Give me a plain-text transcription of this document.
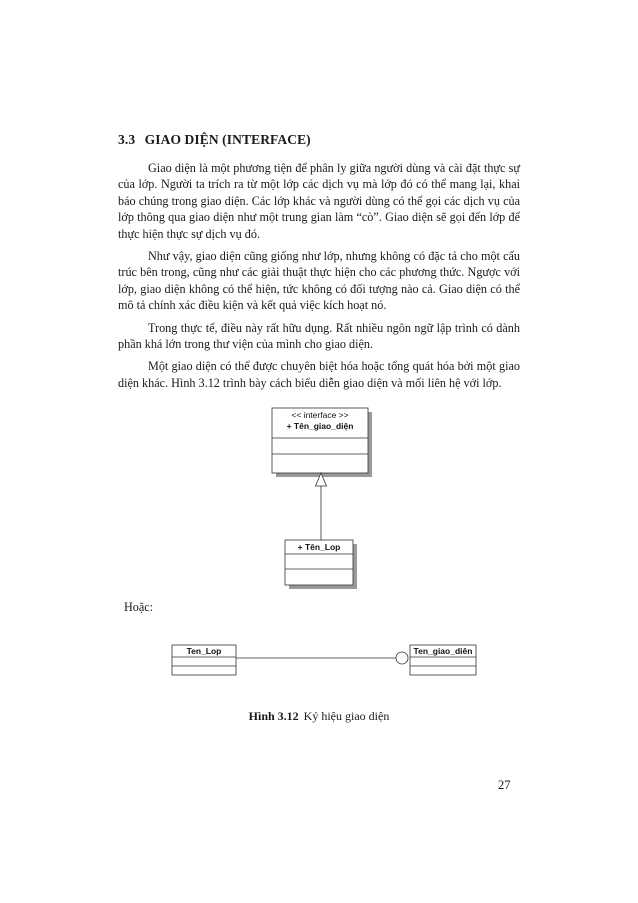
3.3 GIAO DIỆN (INTERFACE)

Giao diện là một phương tiện để phân ly giữa người dùng và cài đặt thực sự của lớp. Người ta trích ra từ một lớp các dịch vụ mà lớp đó có thể mang lại, khai báo chúng trong giao diện. Các lớp khác và người dùng có thể gọi các dịch vụ của lớp thông qua giao diện như một trung gian làm “cò”. Giao diện sẽ gọi đến lớp để thực hiện thực sự dịch vụ đó.

Như vậy, giao diện cũng giống như lớp, nhưng không có đặc tả cho một cấu trúc bên trong, cũng như các giải thuật thực hiện cho các phương thức. Ngược với lớp, giao diện không có thể hiện, tức không có đối tượng nào cả. Giao diện có thể mô tả chính xác điều kiện và kết quả việc kích hoạt nó.

Trong thực tế, điều này rất hữu dụng. Rất nhiều ngôn ngữ lập trình có dành phần khá lớn trong thư viện của mình cho giao diện.

Một giao diện có thể được chuyên biệt hóa hoặc tổng quát hóa bởi một giao diện khác. Hình 3.12 trình bày cách biểu diễn giao diện và mối liên hệ với lớp.

<< interface >>
+ Tên_giao_diện
+ Tên_Lop
Ten_Lop	Ten_giao_diên
Hoặc:
Hình 3.12 Ký hiệu giao diện
27
